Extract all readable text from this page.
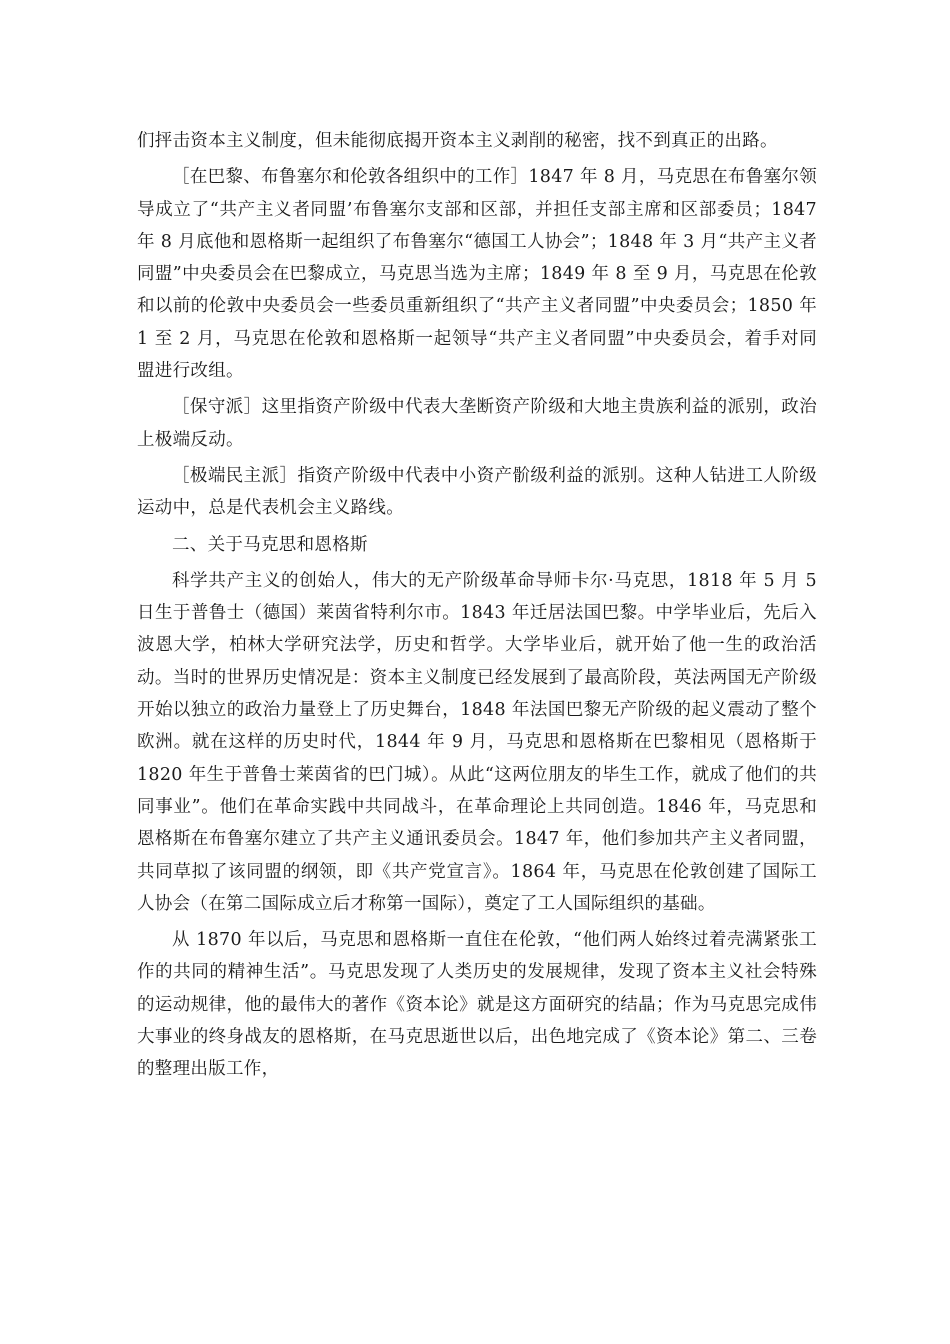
们抨击资本主义制度，但未能彻底揭开资本主义剥削的秘密，找不到真正的出路。

［在巴黎、布鲁塞尔和伦敦各组织中的工作］1847 年 8 月，马克思在布鲁塞尔领导成立了“共产主义者同盟’布鲁塞尔支部和区部，并担任支部主席和区部委员；1847 年 8 月底他和恩格斯一起组织了布鲁塞尔“德国工人协会”；1848 年 3 月“共产主义者同盟”中央委员会在巴黎成立，马克思当选为主席；1849 年 8 至 9 月，马克思在伦敦和以前的伦敦中央委员会一些委员重新组织了“共产主义者同盟”中央委员会；1850 年 1 至 2 月，马克思在伦敦和恩格斯一起领导“共产主义者同盟”中央委员会，着手对同盟进行改组。

［保守派］这里指资产阶级中代表大垄断资产阶级和大地主贵族利益的派别，政治上极端反动。

［极端民主派］指资产阶级中代表中小资产骱级利益的派别。这种人钻进工人阶级运动中，总是代表机会主义路线。

二、关于马克思和恩格斯

科学共产主义的创始人，伟大的无产阶级革命导师卡尔·马克思，1818 年 5 月 5 日生于普鲁士（德国）莱茵省特利尔市。1843 年迁居法国巴黎。中学毕业后，先后入波恩大学，柏林大学研究法学，历史和哲学。大学毕业后，就开始了他一生的政治活动。当时的世界历史情况是：资本主义制度已经发展到了最高阶段，英法两国无产阶级开始以独立的政治力量登上了历史舞台，1848 年法国巴黎无产阶级的起义震动了整个欧洲。就在这样的历史时代，1844 年 9 月，马克思和恩格斯在巴黎相见（恩格斯于 1820 年生于普鲁士莱茵省的巴门城）。从此“这两位朋友的毕生工作，就成了他们的共同事业”。他们在革命实践中共同战斗，在革命理论上共同创造。1846 年，马克思和恩格斯在布鲁塞尔建立了共产主义通讯委员会。1847 年，他们参加共产主义者同盟，共同草拟了该同盟的纲领，即《共产党宣言》。1864 年，马克思在伦敦创建了国际工人协会（在第二国际成立后才称第一国际），奠定了工人国际组织的基础。

从 1870 年以后，马克思和恩格斯一直住在伦敦，“他们两人始终过着壳满紧张工作的共同的精神生活”。马克思发现了人类历史的发展规律，发现了资本主义社会特殊的运动规律，他的最伟大的著作《资本论》就是这方面研究的结晶；作为马克思完成伟大事业的终身战友的恩格斯，在马克思逝世以后，出色地完成了《资本论》第二、三卷的整理出版工作，
